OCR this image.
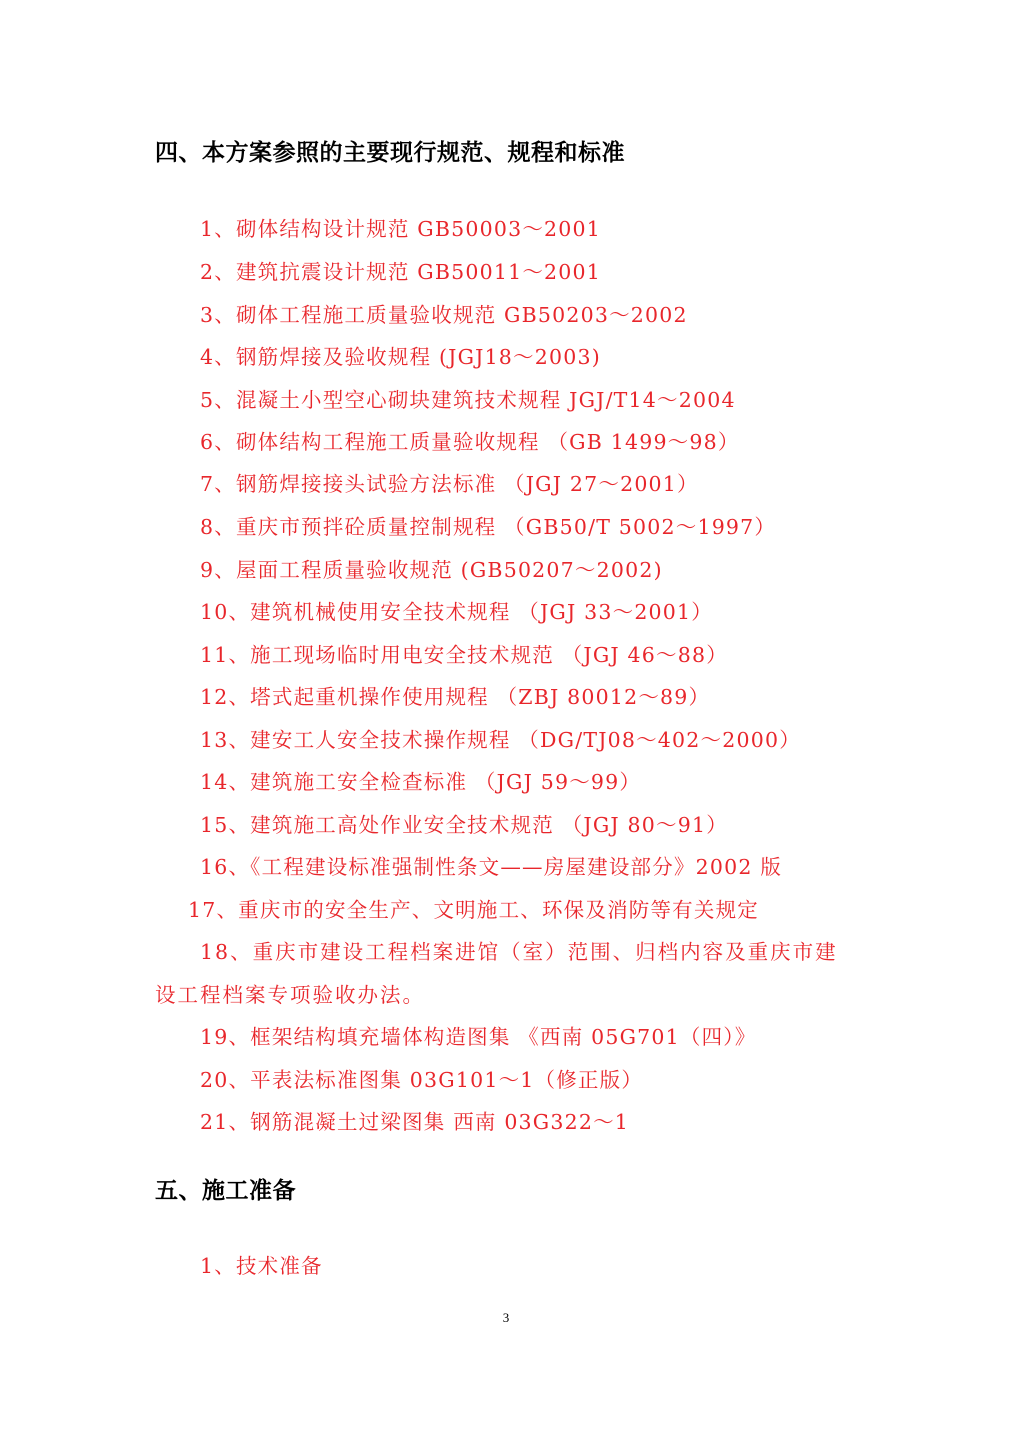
四、本方案参照的主要现行规范、规程和标准
1、砌体结构设计规范 GB50003～2001
2、建筑抗震设计规范 GB50011～2001
3、砌体工程施工质量验收规范 GB50203～2002
4、钢筋焊接及验收规程 (JGJ18～2003)
5、混凝土小型空心砌块建筑技术规程 JGJ/T14～2004
6、砌体结构工程施工质量验收规程 （GB 1499～98）
7、钢筋焊接接头试验方法标准 （JGJ 27～2001）
8、重庆市预拌砼质量控制规程 （GB50/T 5002～1997）
9、屋面工程质量验收规范 (GB50207～2002)
10、建筑机械使用安全技术规程 （JGJ 33～2001）
11、施工现场临时用电安全技术规范 （JGJ 46～88）
12、塔式起重机操作使用规程 （ZBJ 80012～89）
13、建安工人安全技术操作规程 （DG/TJ08～402～2000）
14、建筑施工安全检查标准 （JGJ 59～99）
15、建筑施工高处作业安全技术规范 （JGJ 80～91）
16、《工程建设标准强制性条文——房屋建设部分》2002 版
17、重庆市的安全生产、文明施工、环保及消防等有关规定
18、重庆市建设工程档案进馆（室）范围、归档内容及重庆市建
设工程档案专项验收办法。
19、框架结构填充墙体构造图集 《西南 05G701（四）》
20、平表法标准图集 03G101～1（修正版）
21、钢筋混凝土过梁图集 西南 03G322～1
五、施工准备
1、技术准备
3
